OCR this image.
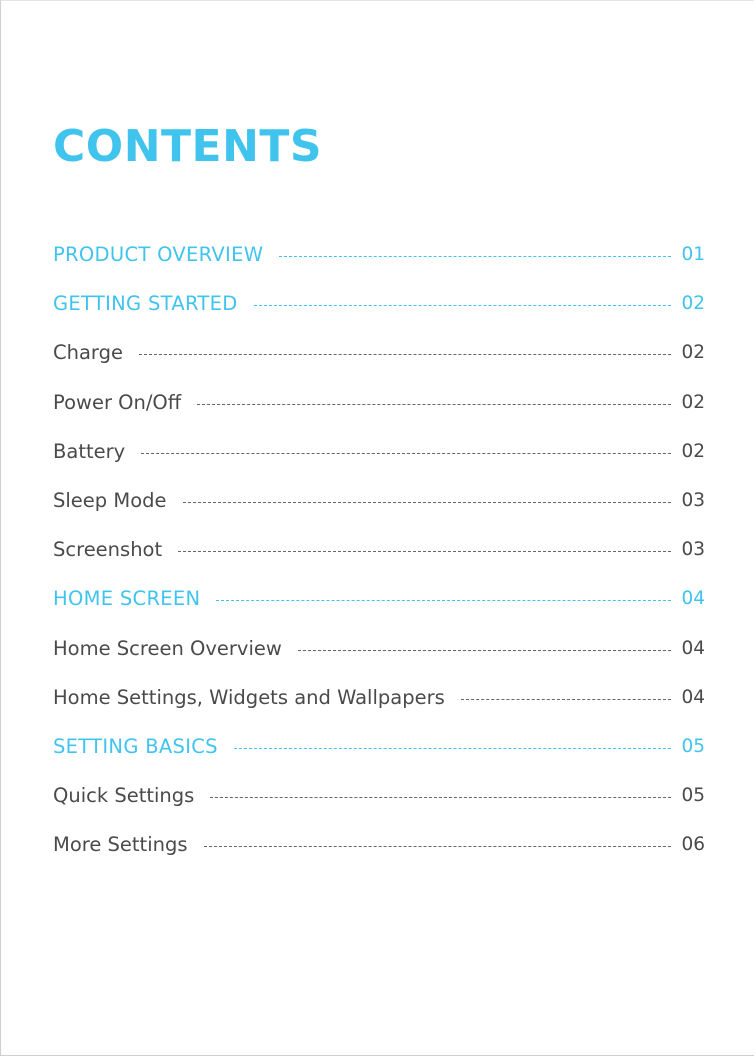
CONTENTS
PRODUCT OVERVIEW	01
GETTING STARTED	02
Charge	02
Power On/Off	02
Battery	02
Sleep Mode	03
Screenshot	03
HOME SCREEN	04
Home Screen Overview	04
Home Settings, Widgets and Wallpapers	04
SETTING BASICS	05
Quick Settings	05
More Settings	06
